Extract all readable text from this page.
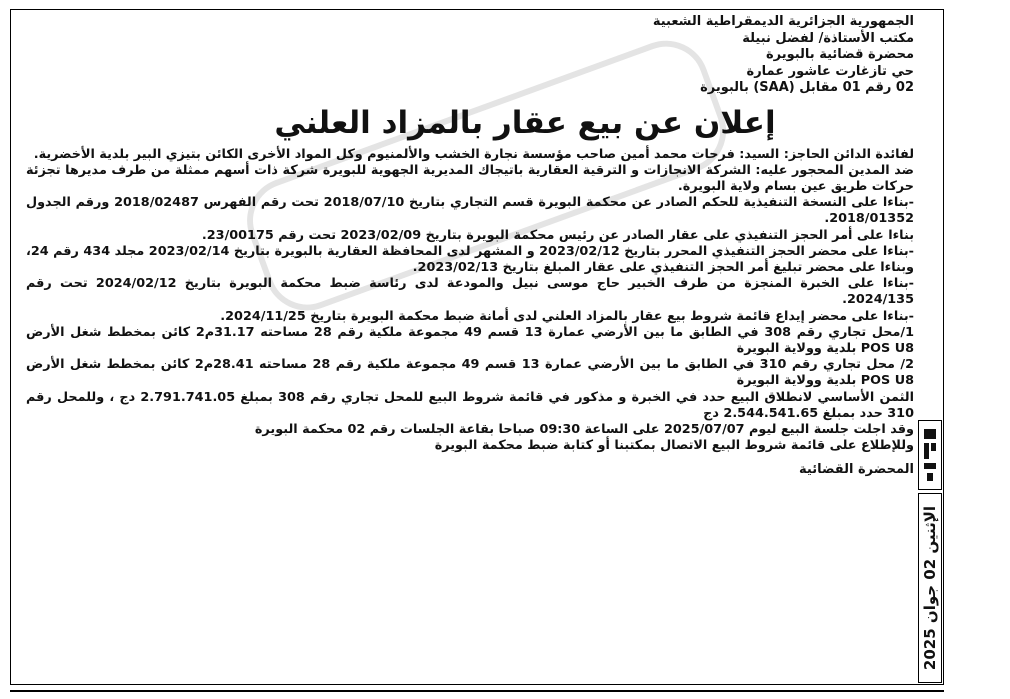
الجمهورية الجزائرية الديمقراطية الشعبية
مكتب الأستاذة/ لفضل نبيلة
محضرة قضائية بالبويرة
حي تازغارت عاشور عمارة
02 رقم 01 مقابل (SAA) بالبويرة
إعلان عن بيع عقار بالمزاد العلني

لفائدة الدائن الحاجز: السيد: فرحات محمد أمين صاحب مؤسسة نجارة الخشب والألمنيوم وكل المواد الأخرى الكائن بتيزي البير بلدية الأخضرية.

ضد المدين المحجور عليه: الشركة الانجازات و الترقية العقارية باتيجاك المديرية الجهوية للبويرة شركة ذات أسهم ممثلة من طرف مديرها تجزئة حركات طريق عين بسام ولاية البويرة.

-بناءا على النسخة التنفيذية للحكم الصادر عن محكمة البويرة قسم التجاري بتاريخ 2018/07/10 تحت رقم الفهرس 2018/02487 ورقم الجدول 2018/01352.

بناءا على أمر الحجز التنفيذي على عقار الصادر عن رئيس محكمة البويرة بتاريخ 2023/02/09 تحت رقم 23/00175.

-بناءا على محضر الحجز التنفيذي المحرر بتاريخ 2023/02/12 و المشهر لدى المحافظة العقارية بالبويرة بتاريخ 2023/02/14 مجلد 434 رقم 24، وبناءا على محضر تبليغ أمر الحجز التنفيذي على عقار المبلغ بتاريخ 2023/02/13.

-بناءا على الخبرة المنجزة من طرف الخبير حاج موسى نبيل والمودعة لدى رئاسة ضبط محكمة البويرة بتاريخ 2024/02/12 تحت رقم 2024/135.

-بناءا على محضر إيداع قائمة شروط بيع عقار بالمزاد العلني لدى أمانة ضبط محكمة البويرة بتاريخ 2024/11/25.

1/محل تجاري رقم 308 في الطابق ما بين الأرضي عمارة 13 قسم 49 مجموعة ملكية رقم 28 مساحته 31.17م2 كائن بمخطط شغل الأرض POS U8 بلدية وولاية البويرة

2/ محل تجاري رقم 310 في الطابق ما بين الأرضي عمارة 13 قسم 49 مجموعة ملكية رقم 28 مساحته 28.41م2 كائن بمخطط شغل الأرض POS U8 بلدية وولاية البويرة

الثمن الأساسي لانطلاق البيع حدد في الخبرة و مذكور في قائمة شروط البيع للمحل تجاري رقم 308 بمبلغ 2.791.741.05 دج ، وللمحل رقم 310 حدد بمبلغ 2.544.541.65 دج

وقد اجلت جلسة البيع ليوم 2025/07/07 على الساعة 09:30 صباحا بقاعة الجلسات رقم 02 محكمة البويرة

وللإطلاع على قائمة شروط البيع الاتصال بمكتبنا أو كتابة ضبط محكمة البويرة

المحضرة القضائية
الإثنين 02 جوان 2025
